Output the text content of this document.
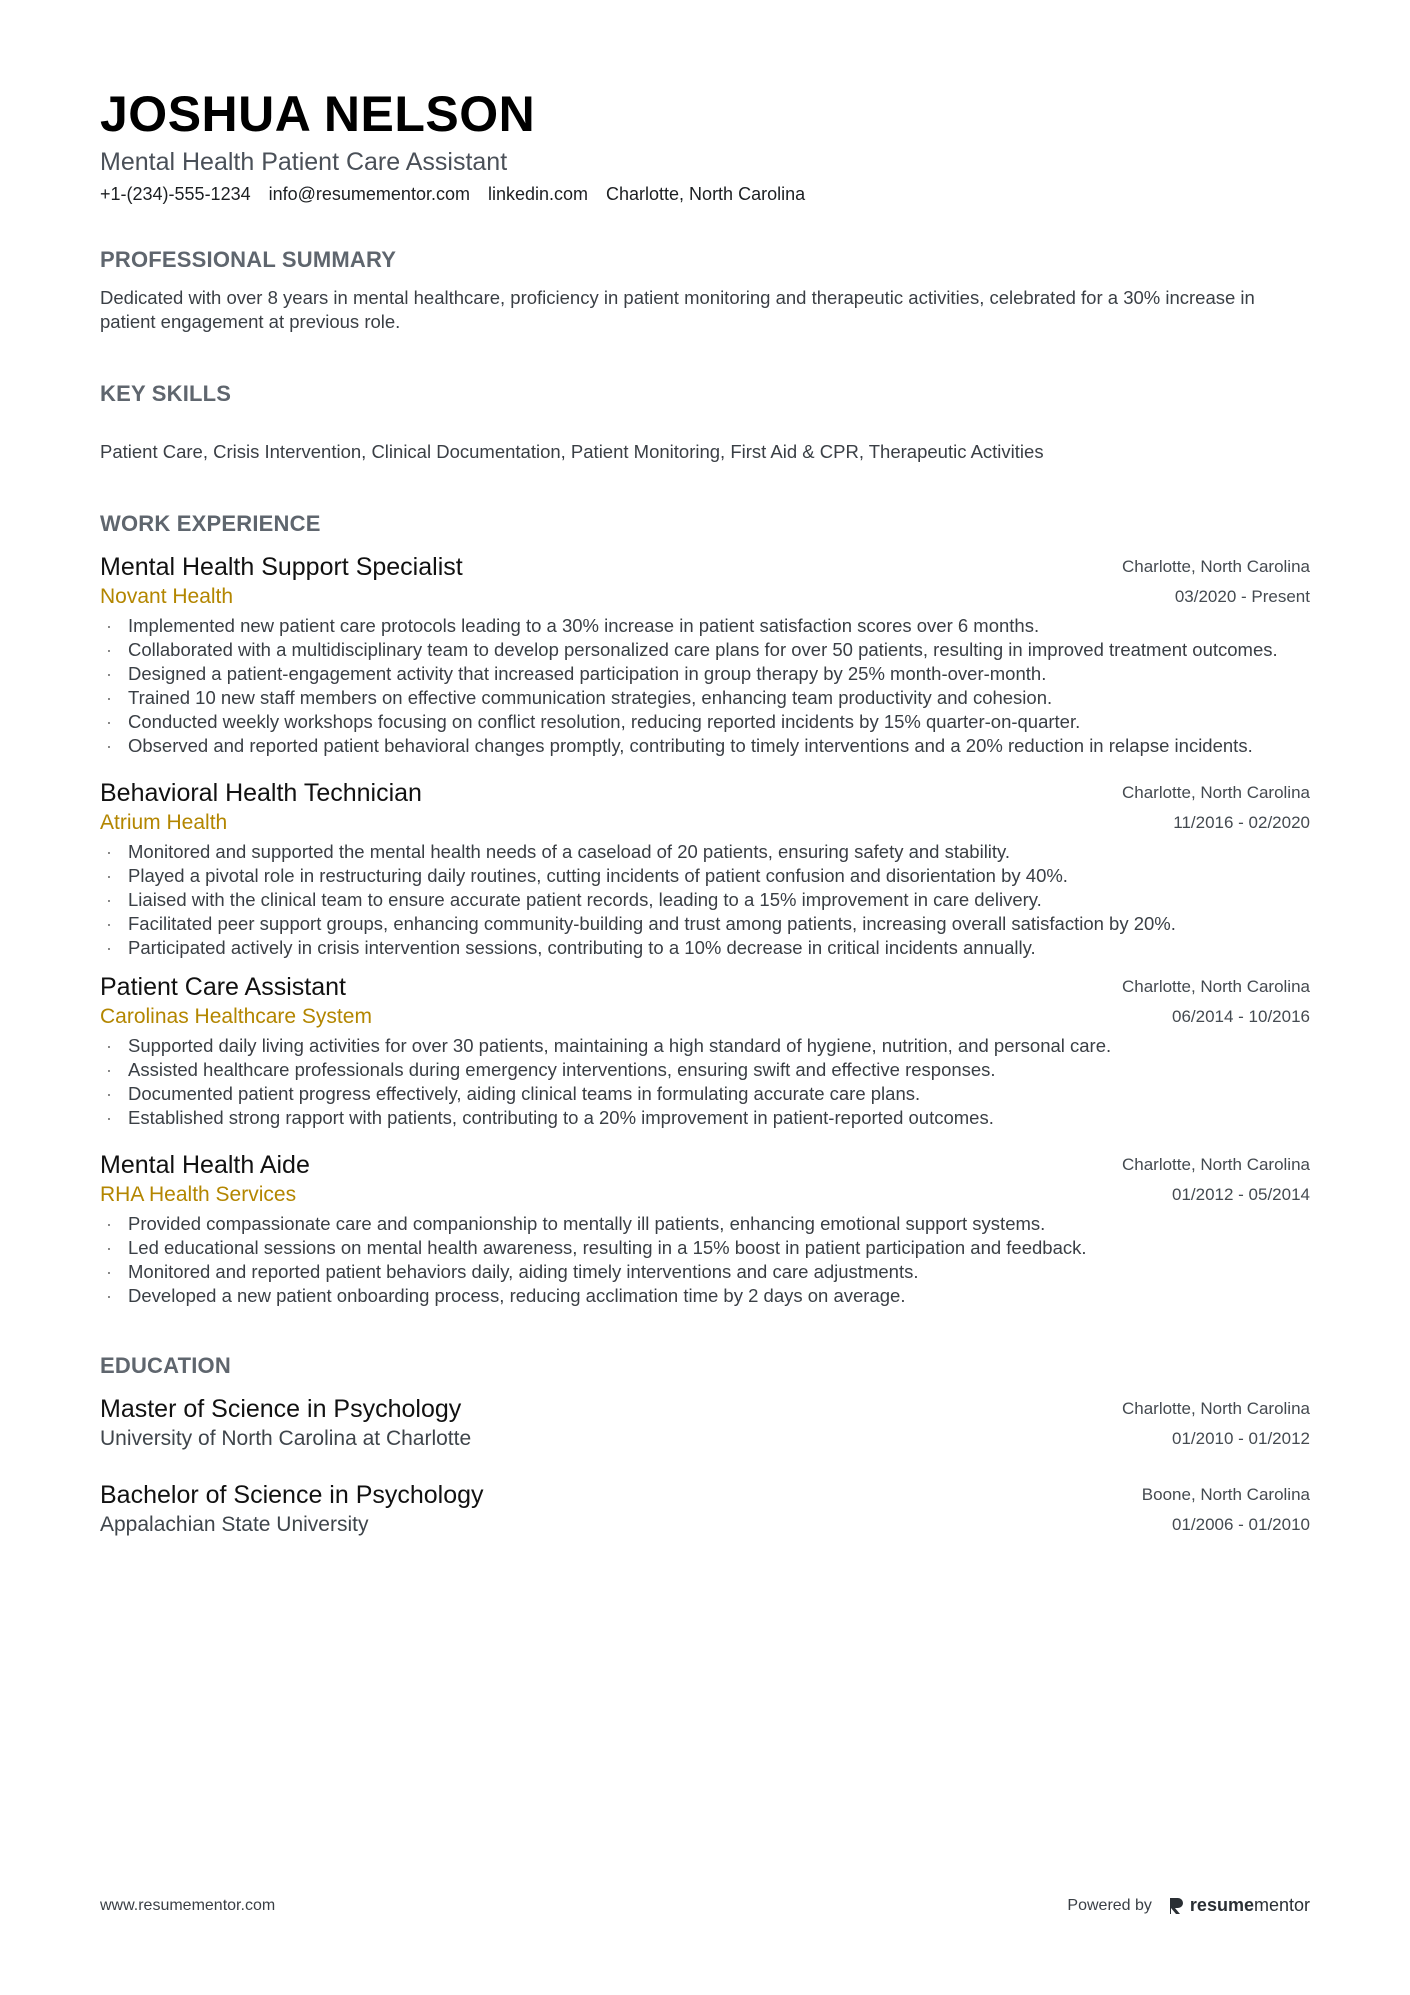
JOSHUA NELSON
Mental Health Patient Care Assistant
+1-(234)-555-1234 info@resumementor.com linkedin.com Charlotte, North Carolina
PROFESSIONAL SUMMARY
Dedicated with over 8 years in mental healthcare, proficiency in patient monitoring and therapeutic activities, celebrated for a 30% increase in patient engagement at previous role.
KEY SKILLS
Patient Care, Crisis Intervention, Clinical Documentation, Patient Monitoring, First Aid & CPR, Therapeutic Activities
WORK EXPERIENCE
Mental Health Support Specialist
Novant Health
Charlotte, North Carolina
03/2020 - Present
· Implemented new patient care protocols leading to a 30% increase in patient satisfaction scores over 6 months.
· Collaborated with a multidisciplinary team to develop personalized care plans for over 50 patients, resulting in improved treatment outcomes.
· Designed a patient-engagement activity that increased participation in group therapy by 25% month-over-month.
· Trained 10 new staff members on effective communication strategies, enhancing team productivity and cohesion.
· Conducted weekly workshops focusing on conflict resolution, reducing reported incidents by 15% quarter-on-quarter.
· Observed and reported patient behavioral changes promptly, contributing to timely interventions and a 20% reduction in relapse incidents.
Behavioral Health Technician
Atrium Health
Charlotte, North Carolina
11/2016 - 02/2020
· Monitored and supported the mental health needs of a caseload of 20 patients, ensuring safety and stability.
· Played a pivotal role in restructuring daily routines, cutting incidents of patient confusion and disorientation by 40%.
· Liaised with the clinical team to ensure accurate patient records, leading to a 15% improvement in care delivery.
· Facilitated peer support groups, enhancing community-building and trust among patients, increasing overall satisfaction by 20%.
· Participated actively in crisis intervention sessions, contributing to a 10% decrease in critical incidents annually.
Patient Care Assistant
Carolinas Healthcare System
Charlotte, North Carolina
06/2014 - 10/2016
· Supported daily living activities for over 30 patients, maintaining a high standard of hygiene, nutrition, and personal care.
· Assisted healthcare professionals during emergency interventions, ensuring swift and effective responses.
· Documented patient progress effectively, aiding clinical teams in formulating accurate care plans.
· Established strong rapport with patients, contributing to a 20% improvement in patient-reported outcomes.
Mental Health Aide
RHA Health Services
Charlotte, North Carolina
01/2012 - 05/2014
· Provided compassionate care and companionship to mentally ill patients, enhancing emotional support systems.
· Led educational sessions on mental health awareness, resulting in a 15% boost in patient participation and feedback.
· Monitored and reported patient behaviors daily, aiding timely interventions and care adjustments.
· Developed a new patient onboarding process, reducing acclimation time by 2 days on average.
EDUCATION
Master of Science in Psychology
University of North Carolina at Charlotte
Charlotte, North Carolina
01/2010 - 01/2012
Bachelor of Science in Psychology
Appalachian State University
Boone, North Carolina
01/2006 - 01/2010
www.resumementor.com	Powered by resumementor
